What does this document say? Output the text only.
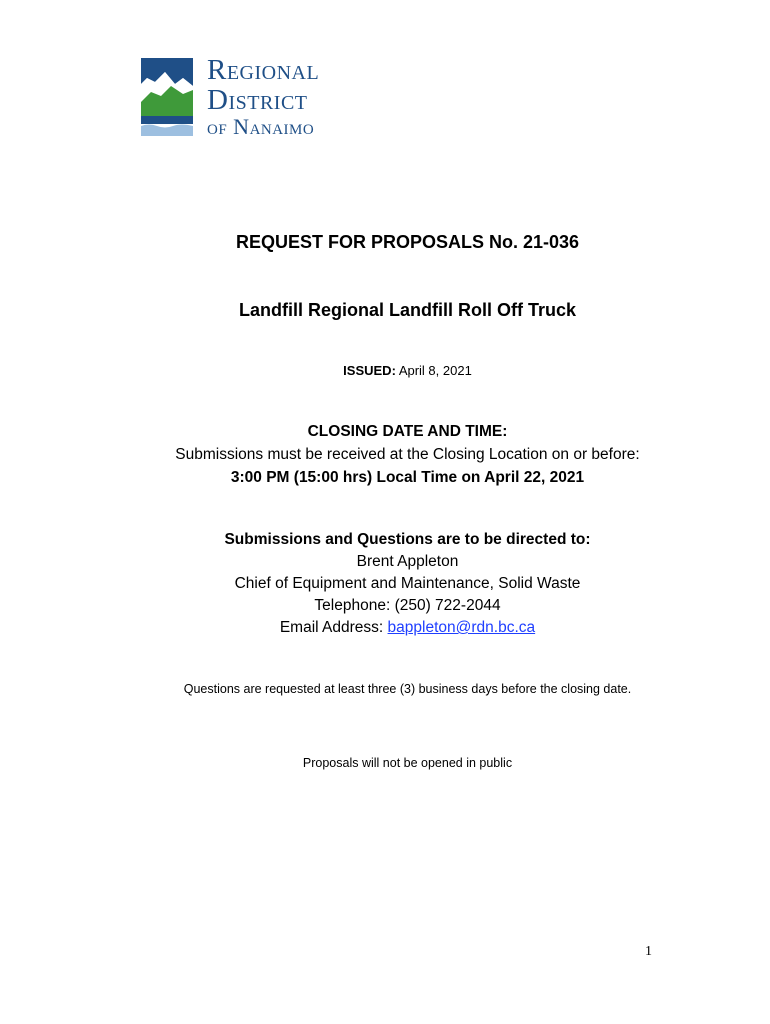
Regional
District
of Nanaimo
REQUEST FOR PROPOSALS No. 21-036
Landfill Regional Landfill Roll Off Truck
ISSUED: April 8, 2021
CLOSING DATE AND TIME:
Submissions must be received at the Closing Location on or before:
3:00 PM (15:00 hrs) Local Time on April 22, 2021
Submissions and Questions are to be directed to:
Brent Appleton
Chief of Equipment and Maintenance, Solid Waste
Telephone: (250) 722-2044
Email Address: bappleton@rdn.bc.ca
Questions are requested at least three (3) business days before the closing date.
Proposals will not be opened in public
1
